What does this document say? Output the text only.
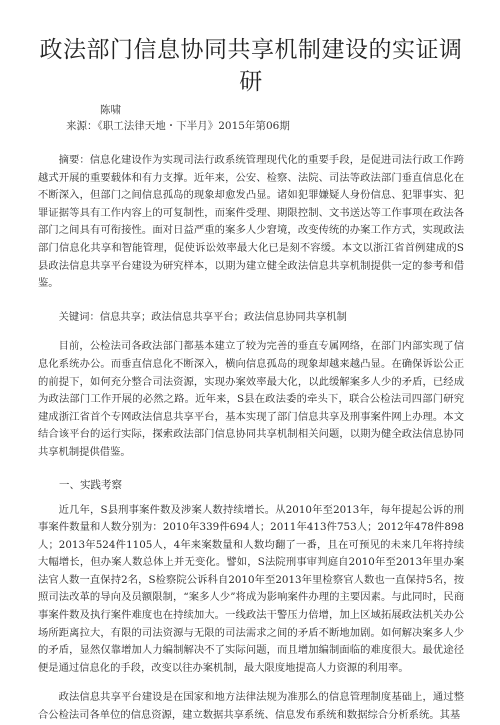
政法部门信息协同共享机制建设的实证调研

陈啸

来源：《职工法律天地・下半月》2015年第06期

摘要：信息化建设作为实现司法行政系统管理现代化的重要手段，是促进司法行政工作跨越式开展的重要载体和有力支撑。近年来，公安、检察、法院、司法等政法部门垂直信息化在不断深入，但部门之间信息孤岛的现象却愈发凸显。诸如犯罪嫌疑人身份信息、犯罪事实、犯罪证据等具有工作内容上的可复制性，而案件受理、期限控制、文书送达等工作事项在政法各部门之间具有可衔接性。面对日益严重的案多人少窘境，改变传统的办案工作方式，实现政法部门信息化共享和智能管理，促使诉讼效率最大化已是刻不容缓。本文以浙江省首例建成的S县政法信息共享平台建设为研究样本，以期为建立健全政法信息共享机制提供一定的参考和借鉴。

关键词：信息共享；政法信息共享平台；政法信息协同共享机制

目前，公检法司各政法部门都基本建立了较为完善的垂直专属网络，在部门内部实现了信息化系统办公。而垂直信息化不断深入，横向信息孤岛的现象却越来越凸显。在确保诉讼公正的前提下，如何充分整合司法资源，实现办案效率最大化，以此缓解案多人少的矛盾，已经成为政法部门工作开展的必然之路。近年来，S县在政法委的牵头下，联合公检法司四部门研究建成浙江省首个专网政法信息共享平台，基本实现了部门信息共享及刑事案件网上办理。本文结合该平台的运行实际，探索政法部门信息协同共享机制相关问题，以期为健全政法信息协同共享机制提供借鉴。

一、实践考察

近几年，S县刑事案件数及涉案人数持续增长。从2010年至2013年，每年提起公诉的刑事案件数量和人数分别为：2010年339件694人；2011年413件753人；2012年478件898人；2013年524件1105人，4年来案数量和人数均翻了一番，且在可预见的未来几年将持续大幅增长，但办案人数总体上并无变化。譬如，S法院刑事审判庭自2010年至2013年里办案法官人数一直保持2名，S检察院公诉科自2010年至2013年里检察官人数也一直保持5名，按照司法改革的导向及员额限制，“案多人少”将成为影响案件办理的主要因素。与此同时，民商事案件数及执行案件难度也在持续加大。一线政法干警压力倍增，加上区域拓展政法机关办公场所距离拉大，有限的司法资源与无限的司法需求之间的矛盾不断地加剧。如何解决案多人少的矛盾，显然仅靠增加人力编制解决不了实际问题，而且增加编制面临的难度很大。最优途径便是通过信息化的手段，改变以往办案机制，最大限度地提高人力资源的利用率。

政法信息共享平台建设是在国家和地方法律法规为准那么的信息管理制度基础上，通过整合公检法司各单位的信息资源，建立数据共享系统、信息发布系统和数据综合分析系统。其基
